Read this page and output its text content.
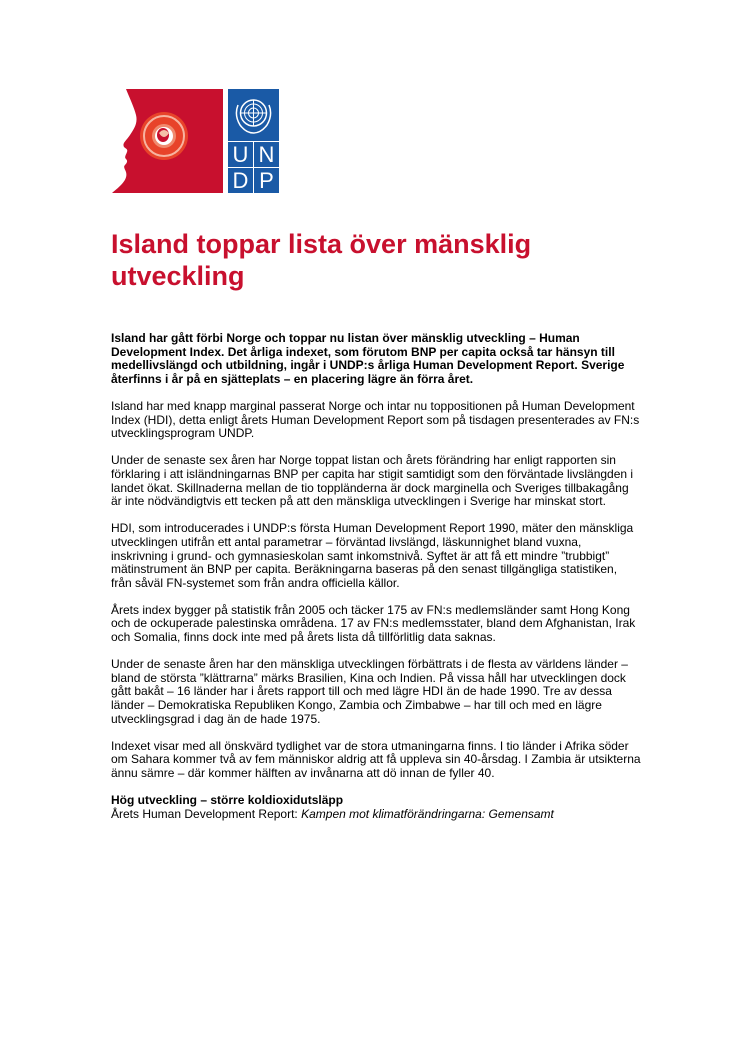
U N
D P
Island toppar lista över mänsklig utveckling

Island har gått förbi Norge och toppar nu listan över mänsklig utveckling – Human Development Index. Det årliga indexet, som förutom BNP per capita också tar hänsyn till medellivslängd och utbildning, ingår i UNDP:s årliga Human Development Report. Sverige återfinns i år på en sjätteplats – en placering lägre än förra året.

Island har med knapp marginal passerat Norge och intar nu toppositionen på Human Development Index (HDI), detta enligt årets Human Development Report som på tisdagen presenterades av FN:s utvecklingsprogram UNDP.

Under de senaste sex åren har Norge toppat listan och årets förändring har enligt rapporten sin förklaring i att isländningarnas BNP per capita har stigit samtidigt som den förväntade livslängden i landet ökat. Skillnaderna mellan de tio toppländerna är dock marginella och Sveriges tillbakagång är inte nödvändigtvis ett tecken på att den mänskliga utvecklingen i Sverige har minskat stort.

HDI, som introducerades i UNDP:s första Human Development Report 1990, mäter den mänskliga utvecklingen utifrån ett antal parametrar – förväntad livslängd, läskunnighet bland vuxna, inskrivning i grund- och gymnasieskolan samt inkomstnivå. Syftet är att få ett mindre ”trubbigt” mätinstrument än BNP per capita. Beräkningarna baseras på den senast tillgängliga statistiken, från såväl FN-systemet som från andra officiella källor.

Årets index bygger på statistik från 2005 och täcker 175 av FN:s medlemsländer samt Hong Kong och de ockuperade palestinska områdena. 17 av FN:s medlemsstater, bland dem Afghanistan, Irak och Somalia, finns dock inte med på årets lista då tillförlitlig data saknas.

Under de senaste åren har den mänskliga utvecklingen förbättrats i de flesta av världens länder – bland de största ”klättrarna” märks Brasilien, Kina och Indien. På vissa håll har utvecklingen dock gått bakåt – 16 länder har i årets rapport till och med lägre HDI än de hade 1990. Tre av dessa länder – Demokratiska Republiken Kongo, Zambia och Zimbabwe – har till och med en lägre utvecklingsgrad i dag än de hade 1975.

Indexet visar med all önskvärd tydlighet var de stora utmaningarna finns. I tio länder i Afrika söder om Sahara kommer två av fem människor aldrig att få uppleva sin 40-årsdag. I Zambia är utsikterna ännu sämre – där kommer hälften av invånarna att dö innan de fyller 40.

Hög utveckling – större koldioxidutsläpp

Årets Human Development Report: Kampen mot klimatförändringarna: Gemensamt
